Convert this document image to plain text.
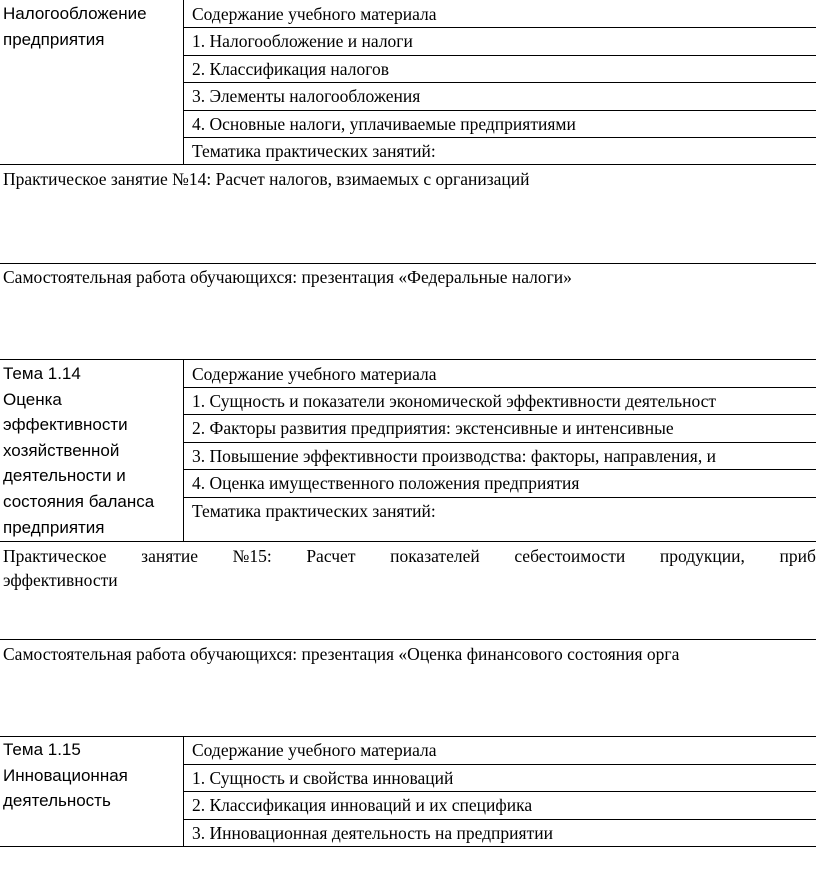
Налогообложение
предприятия
Содержание учебного материала
1. Налогообложение и налоги
2. Классификация налогов
3. Элементы налогообложения
4. Основные налоги, уплачиваемые предприятиями
Тематика практических занятий:
Практическое занятие №14: Расчет налогов, взимаемых с организаций
Самостоятельная работа обучающихся: презентация «Федеральные налоги»
Тема 1.14
Оценка
эффективности
хозяйственной
деятельности и
состояния баланса
предприятия
Содержание учебного материала
1. Сущность и показатели экономической эффективности деятельност
2. Факторы развития предприятия: экстенсивные и интенсивные
3. Повышение эффективности производства: факторы, направления, и
4. Оценка имущественного положения предприятия
Тематика практических занятий:
Практическое занятие №15: Расчет показателей себестоимости продукции, приб
эффективности
Самостоятельная работа обучающихся: презентация «Оценка финансового состояния орга
Тема 1.15
Инновационная
деятельность
Содержание учебного материала
1. Сущность и свойства инноваций
2. Классификация инноваций и их специфика
3. Инновационная деятельность на предприятии
